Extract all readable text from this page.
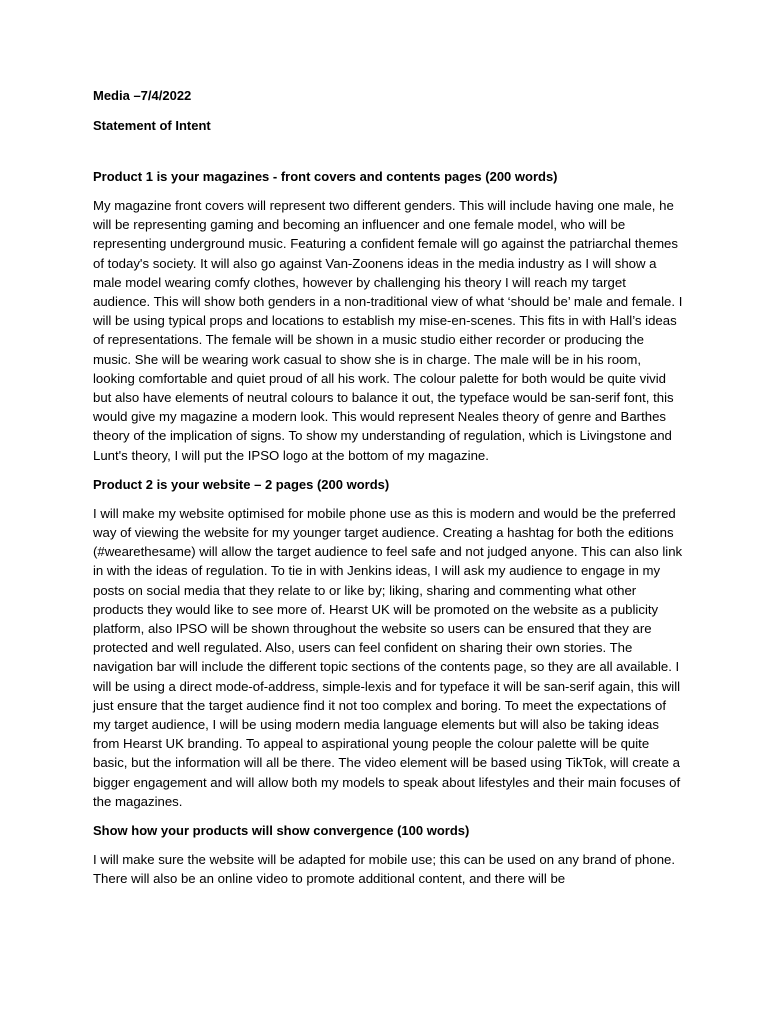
Media –7/4/2022

Statement of Intent

Product 1 is your magazines - front covers and contents pages (200 words)

My magazine front covers will represent two different genders. This will include having one male, he will be representing gaming and becoming an influencer and one female model, who will be representing underground music. Featuring a confident female will go against the patriarchal themes of today's society. It will also go against Van-Zoonens ideas in the media industry as I will show a male model wearing comfy clothes, however by challenging his theory I will reach my target audience. This will show both genders in a non-traditional view of what ‘should be’ male and female. I will be using typical props and locations to establish my mise-en-scenes. This fits in with Hall’s ideas of representations. The female will be shown in a music studio either recorder or producing the music. She will be wearing work casual to show she is in charge. The male will be in his room, looking comfortable and quiet proud of all his work. The colour palette for both would be quite vivid but also have elements of neutral colours to balance it out, the typeface would be san-serif font, this would give my magazine a modern look. This would represent Neales theory of genre and Barthes theory of the implication of signs. To show my understanding of regulation, which is Livingstone and Lunt's theory, I will put the IPSO logo at the bottom of my magazine.

Product 2 is your website – 2 pages (200 words)

I will make my website optimised for mobile phone use as this is modern and would be the preferred way of viewing the website for my younger target audience. Creating a hashtag for both the editions (#wearethesame) will allow the target audience to feel safe and not judged anyone. This can also link in with the ideas of regulation. To tie in with Jenkins ideas, I will ask my audience to engage in my posts on social media that they relate to or like by; liking, sharing and commenting what other products they would like to see more of. Hearst UK will be promoted on the website as a publicity platform, also IPSO will be shown throughout the website so users can be ensured that they are protected and well regulated. Also, users can feel confident on sharing their own stories. The navigation bar will include the different topic sections of the contents page, so they are all available. I will be using a direct mode-of-address, simple-lexis and for typeface it will be san-serif again, this will just ensure that the target audience find it not too complex and boring. To meet the expectations of my target audience, I will be using modern media language elements but will also be taking ideas from Hearst UK branding. To appeal to aspirational young people the colour palette will be quite basic, but the information will all be there. The video element will be based using TikTok, will create a bigger engagement and will allow both my models to speak about lifestyles and their main focuses of the magazines.

Show how your products will show convergence (100 words)

I will make sure the website will be adapted for mobile use; this can be used on any brand of phone. There will also be an online video to promote additional content, and there will be
